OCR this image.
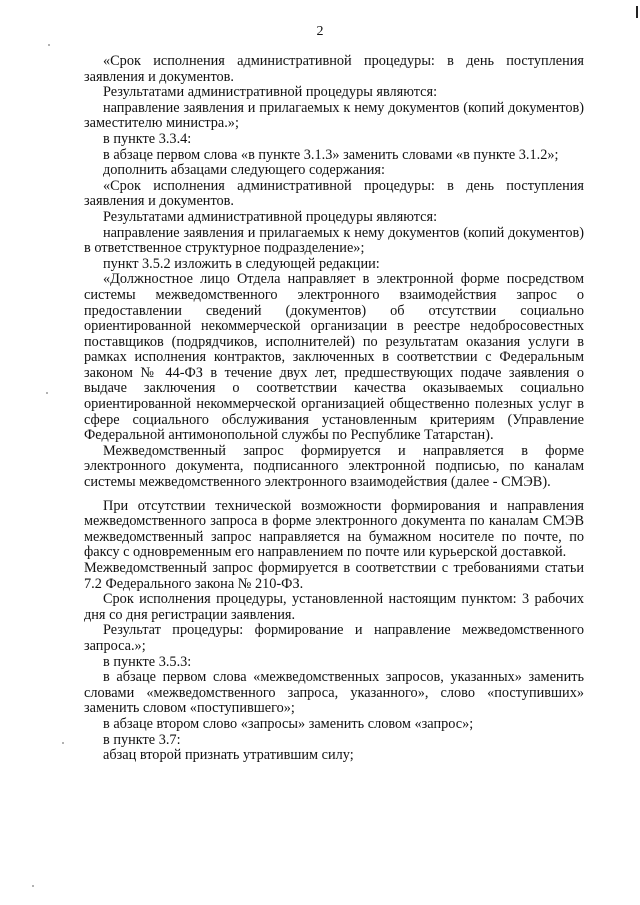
2

«Срок исполнения административной процедуры: в день поступления заявления и документов.

Результатами административной процедуры являются:

направление заявления и прилагаемых к нему документов (копий документов) заместителю министра.»;

в пункте 3.3.4:

в абзаце первом слова «в пункте 3.1.3» заменить словами «в пункте 3.1.2»;

дополнить абзацами следующего содержания:

«Срок исполнения административной процедуры: в день поступления заявления и документов.

Результатами административной процедуры являются:

направление заявления и прилагаемых к нему документов (копий документов) в ответственное структурное подразделение»;

пункт 3.5.2 изложить в следующей редакции:

«Должностное лицо Отдела направляет в электронной форме посредством системы межведомственного электронного взаимодействия запрос о предоставлении сведений (документов) об отсутствии социально ориентированной некоммерческой организации в реестре недобросовестных поставщиков (подрядчиков, исполнителей) по результатам оказания услуги в рамках исполнения контрактов, заключенных в соответствии с Федеральным законом № 44-ФЗ в течение двух лет, предшествующих подаче заявления о выдаче заключения о соответствии качества оказываемых социально ориентированной некоммерческой организацией общественно полезных услуг в сфере социального обслуживания установленным критериям (Управление Федеральной антимонопольной службы по Республике Татарстан).

Межведомственный запрос формируется и направляется в форме электронного документа, подписанного электронной подписью, по каналам системы межведомственного электронного взаимодействия (далее - СМЭВ).

При отсутствии технической возможности формирования и направления межведомственного запроса в форме электронного документа по каналам СМЭВ межведомственный запрос направляется на бумажном носителе по почте, по факсу с одновременным его направлением по почте или курьерской доставкой.

Межведомственный запрос формируется в соответствии с требованиями статьи 7.2 Федерального закона № 210-ФЗ.

Срок исполнения процедуры, установленной настоящим пунктом: 3 рабочих дня со дня регистрации заявления.

Результат процедуры: формирование и направление межведомственного запроса.»;

в пункте 3.5.3:

в абзаце первом слова «межведомственных запросов, указанных» заменить словами «межведомственного запроса, указанного», слово «поступивших» заменить словом «поступившего»;

в абзаце втором слово «запросы» заменить словом «запрос»;

в пункте 3.7:

абзац второй признать утратившим силу;
